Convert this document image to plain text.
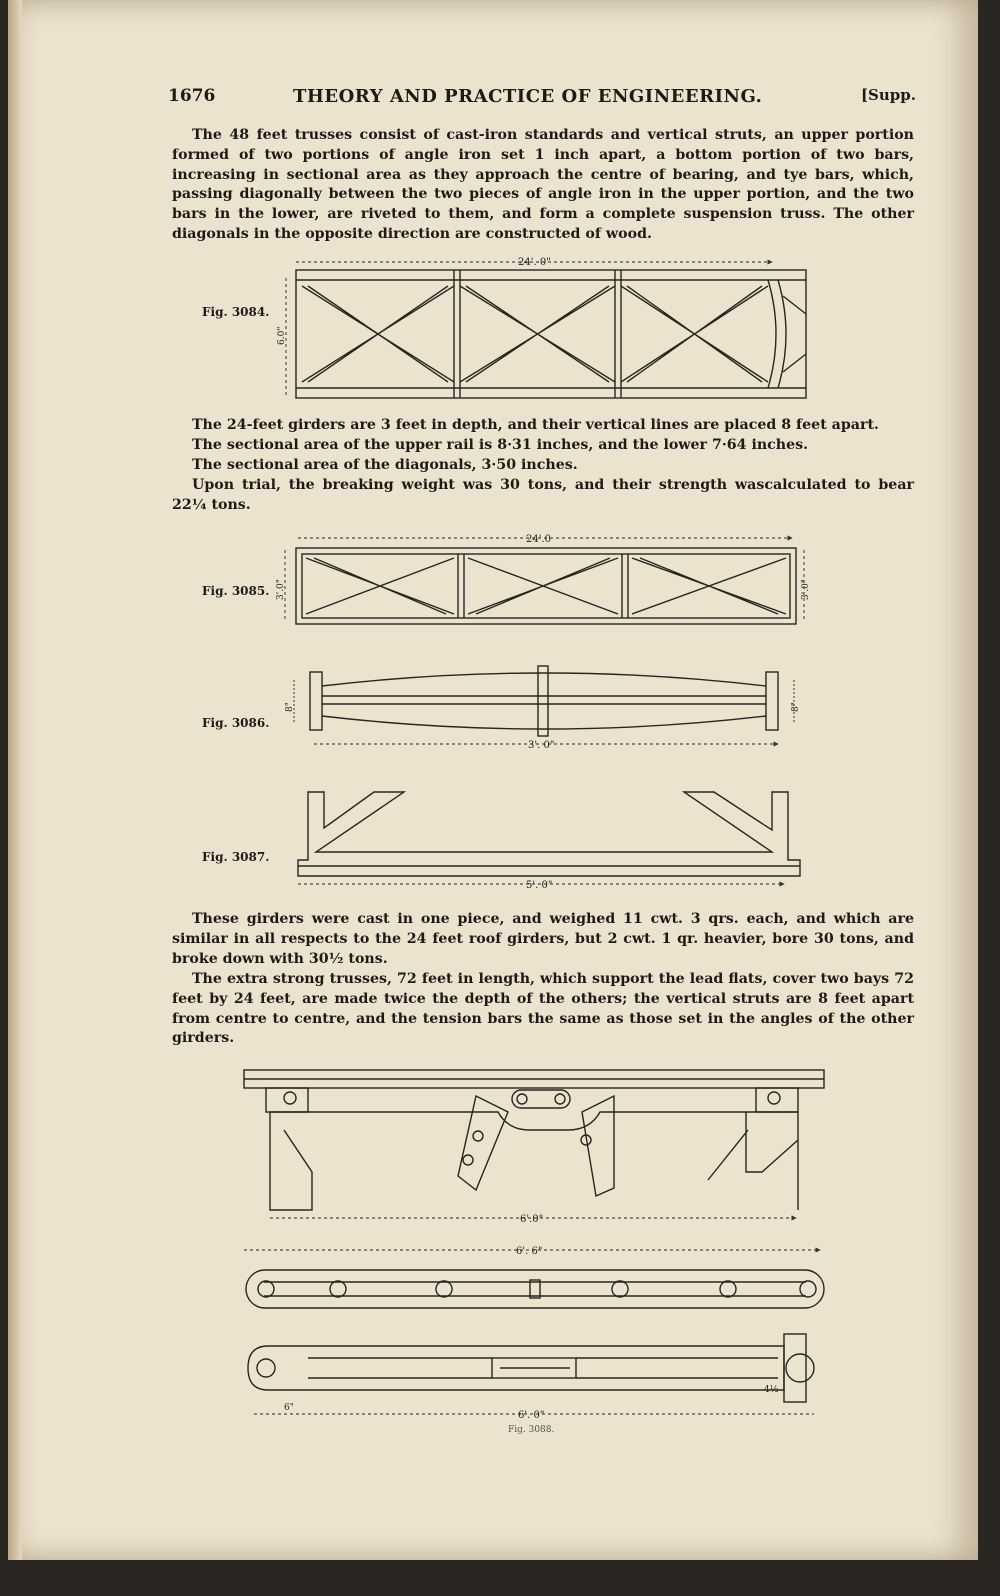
1676	THEORY AND PRACTICE OF ENGINEERING.	[Supp.

The 48 feet trusses consist of cast-iron standards and vertical struts, an upper portion formed of two portions of angle iron set 1 inch apart, a bottom portion of two bars, increasing in sectional area as they approach the centre of bearing, and tye bars, which, passing diagonally between the two pieces of angle iron in the upper portion, and the two bars in the lower, are riveted to them, and form a complete suspension truss. The other diagonals in the opposite direction are constructed of wood.

The 24-feet girders are 3 feet in depth, and their vertical lines are placed 8 feet apart.

The sectional area of the upper rail is 8·31 inches, and the lower 7·64 inches.

The sectional area of the diagonals, 3·50 inches.

Upon trial, the breaking weight was 30 tons, and their strength wascalculated to bear 22¼ tons.

These girders were cast in one piece, and weighed 11 cwt. 3 qrs. each, and which are similar in all respects to the 24 feet roof girders, but 2 cwt. 1 qr. heavier, bore 30 tons, and broke down with 30½ tons.

The extra strong trusses, 72 feet in length, which support the lead flats, cover two bays 72 feet by 24 feet, are made twice the depth of the others; the vertical struts are 8 feet apart from centre to centre, and the tension bars the same as those set in the angles of the other girders.

Fig. 3084.
Fig. 3085.
Fig. 3086.
Fig. 3087.
Fig. 3088.
24'. 0"
6.0"
24'.0
3'.0"	3'.0"
8"	8"
3'. 0"
5'. 0"
6'.0"
6'. 6"
6'. 0"
6"
4½
